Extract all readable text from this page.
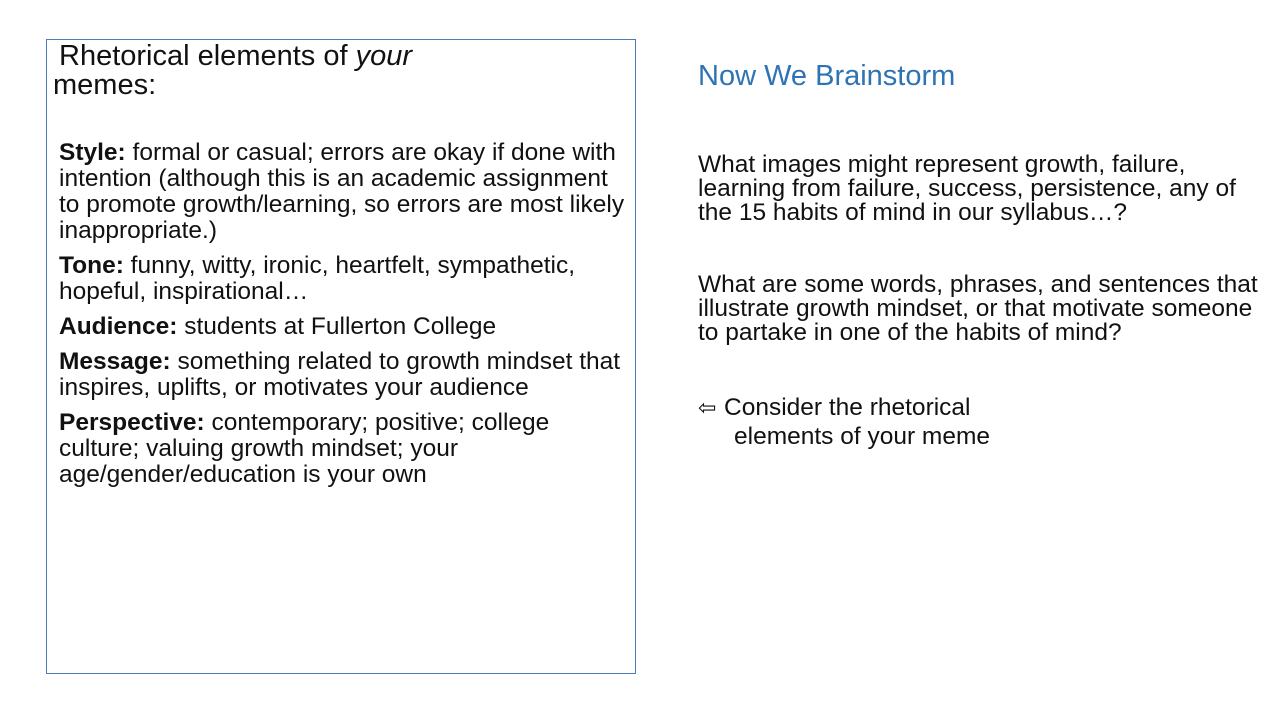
Rhetorical elements of your
memes:

Style: formal or casual; errors are okay if done with intention (although this is an academic assignment to promote growth/learning, so errors are most likely inappropriate.)
Tone: funny, witty, ironic, heartfelt, sympathetic, hopeful, inspirational…
Audience: students at Fullerton College
Message: something related to growth mindset that inspires, uplifts, or motivates your audience
Perspective: contemporary; positive; college culture; valuing growth mindset; your age/gender/education is your own

Now We Brainstorm

What images might represent growth, failure, learning from failure, success, persistence, any of the 15 habits of mind in our syllabus…?

What are some words, phrases, and sentences that illustrate growth mindset, or that motivate someone to partake in one of the habits of mind?

⇦ Consider the rhetorical
elements of your meme
